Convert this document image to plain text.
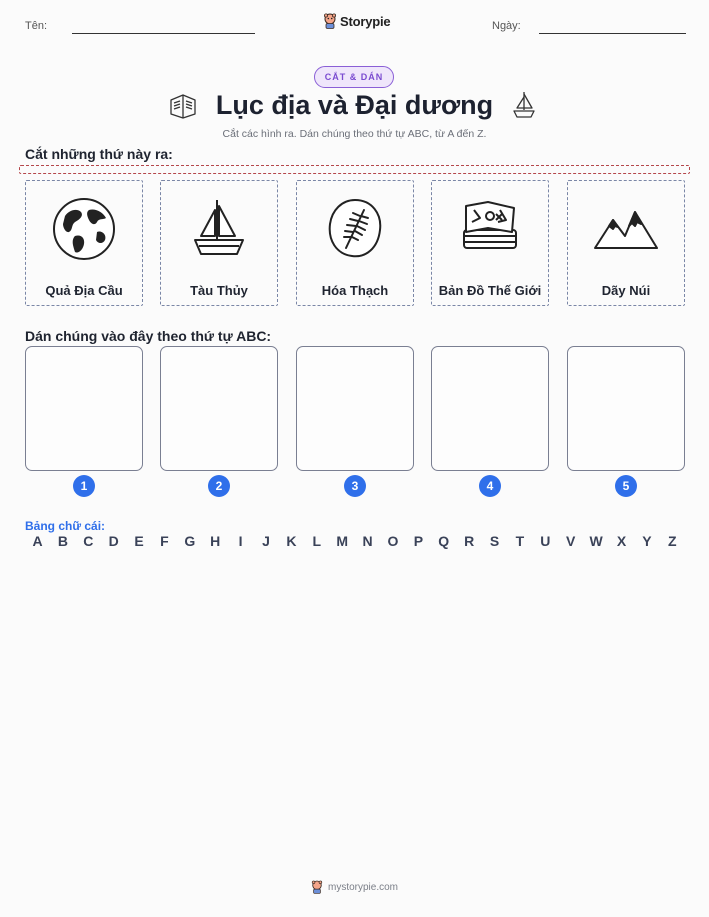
Tên:	Storypie	Ngày:
CẮT & DÁN
Lục địa và Đại dương
Cắt các hình ra. Dán chúng theo thứ tự ABC, từ A đến Z.
Cắt những thứ này ra:
Quả Địa Cầu	Tàu Thủy	Hóa Thạch	Bản Đồ Thế Giới	Dãy Núi
Dán chúng vào đây theo thứ tự ABC:
1	2	3	4	5
Bảng chữ cái:
A	B	C	D	E	F	G	H	I	J	K	L	M	N	O	P	Q	R	S	T	U	V	W	X	Y	Z
mystorypie.com
